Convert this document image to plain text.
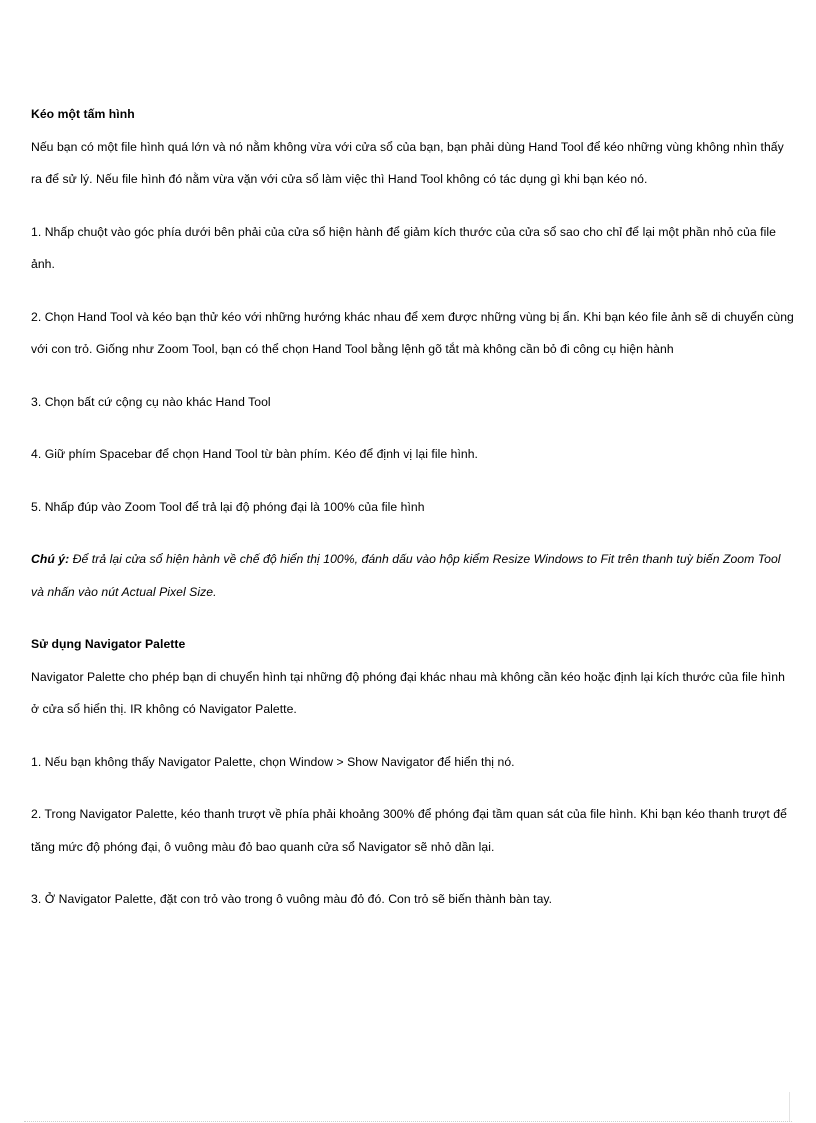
Kéo một tấm hình

Nếu bạn có một file hình quá lớn và nó nằm không vừa với cửa sổ của bạn, bạn phải dùng Hand Tool để kéo những vùng không nhìn thấy ra để sử lý. Nếu file hình đó nằm vừa vặn với cửa sổ làm việc thì Hand Tool không có tác dụng gì khi bạn kéo nó.

1. Nhấp chuột vào góc phía dưới bên phải của cửa sổ hiện hành để giảm kích thước của cửa sổ sao cho chỉ để lại một phần nhỏ của file ảnh.

2. Chọn Hand Tool và kéo bạn thử kéo với những hướng khác nhau để xem được những vùng bị ẩn. Khi bạn kéo file ảnh sẽ di chuyển cùng với con trỏ. Giống như Zoom Tool, bạn có thể chọn Hand Tool bằng lệnh gõ tắt mà không cần bỏ đi công cụ hiện hành

3. Chọn bất cứ cộng cụ nào khác Hand Tool

4. Giữ phím Spacebar để chọn Hand Tool từ bàn phím. Kéo để định vị lại file hình.

5. Nhấp đúp vào Zoom Tool để trả lại độ phóng đại là 100% của file hình

Chú ý: Để trả lại cửa sổ hiện hành về chế độ hiển thị 100%, đánh dấu vào hộp kiểm Resize Windows to Fit trên thanh tuỳ biến Zoom Tool và nhấn vào nút Actual Pixel Size.

Sử dụng Navigator Palette

Navigator Palette cho phép bạn di chuyển hình tại những độ phóng đại khác nhau mà không cần kéo hoặc định lại kích thước của file hình ở cửa sổ hiển thị. IR không có Navigator Palette.

1. Nếu bạn không thấy Navigator Palette, chọn Window > Show Navigator để hiển thị nó.

2. Trong Navigator Palette, kéo thanh trượt về phía phải khoảng 300% để phóng đại tầm quan sát của file hình. Khi bạn kéo thanh trượt để tăng mức độ phóng đại, ô vuông màu đỏ bao quanh cửa sổ Navigator sẽ nhỏ dần lại.

3. Ở Navigator Palette, đặt con trỏ vào trong ô vuông màu đỏ đó. Con trỏ sẽ biến thành bàn tay.
